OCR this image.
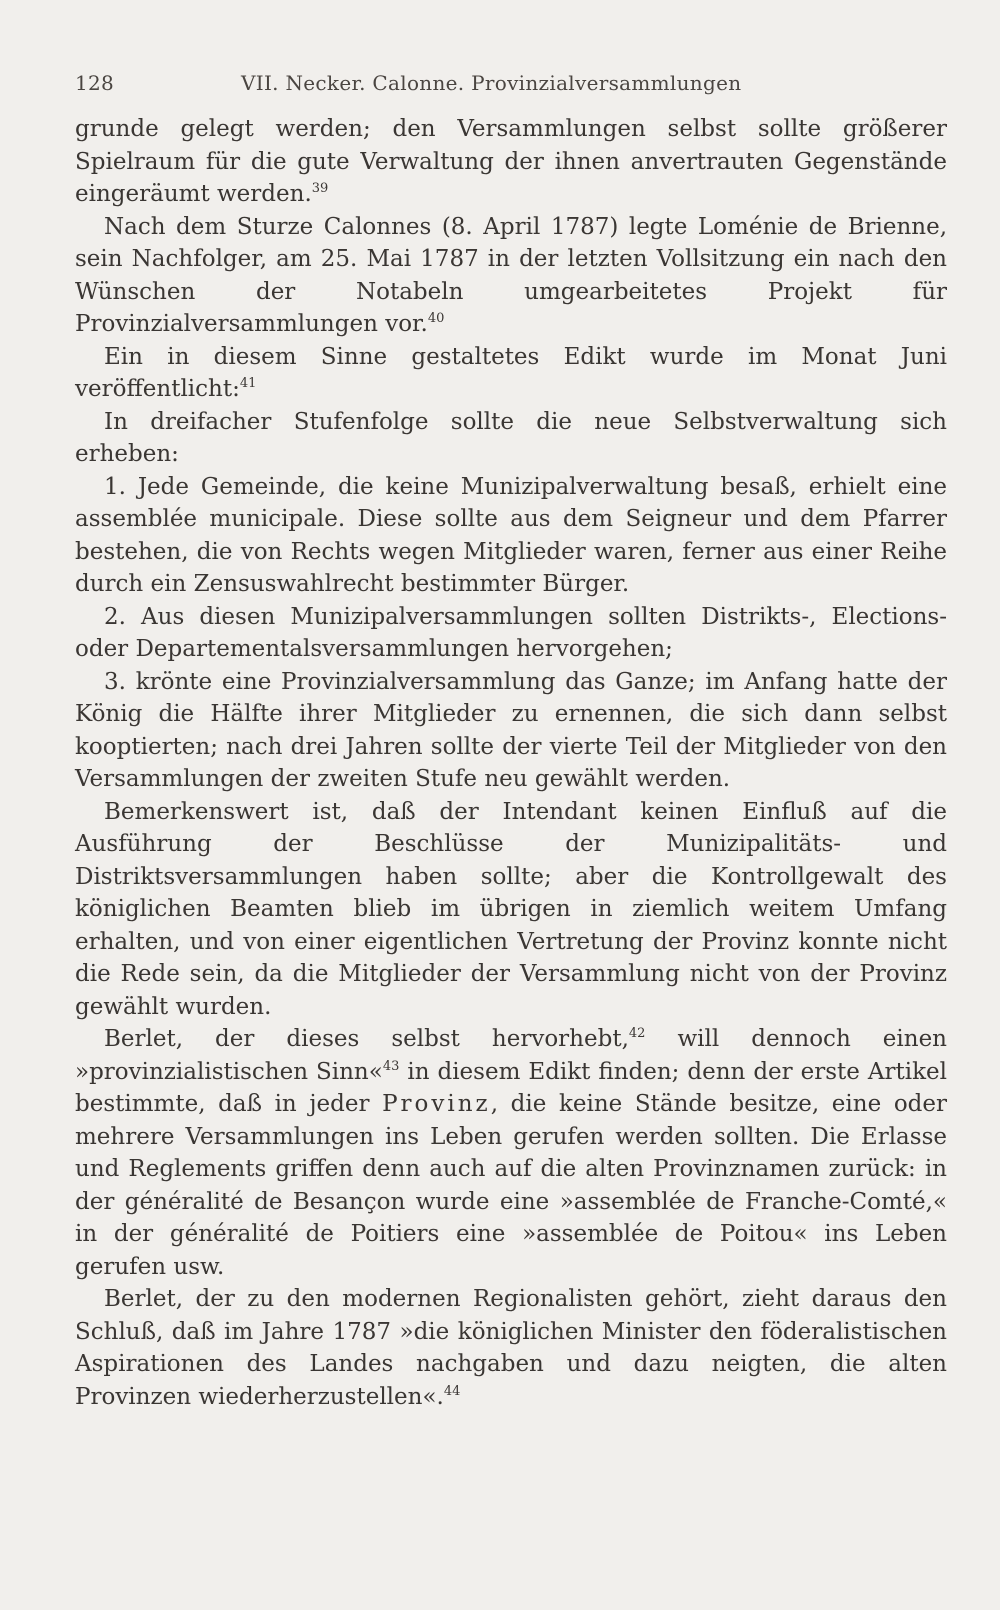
128	VII. Necker. Calonne. Provinzialversammlungen

grunde gelegt werden; den Versammlungen selbst sollte größerer Spielraum für die gute Verwaltung der ihnen anvertrauten Gegenstände eingeräumt werden.$^{39}$

Nach dem Sturze Calonnes (8. April 1787) legte Loménie de Brienne, sein Nachfolger, am 25. Mai 1787 in der letzten Vollsitzung ein nach den Wünschen der Notabeln umgearbeitetes Projekt für Provinzialversammlungen vor.$^{40}$

Ein in diesem Sinne gestaltetes Edikt wurde im Monat Juni veröffentlicht:$^{41}$

In dreifacher Stufenfolge sollte die neue Selbstverwaltung sich erheben:

1. Jede Gemeinde, die keine Munizipalverwaltung besaß, erhielt eine assemblée municipale. Diese sollte aus dem Seigneur und dem Pfarrer bestehen, die von Rechts wegen Mitglieder waren, ferner aus einer Reihe durch ein Zensuswahlrecht bestimmter Bürger.

2. Aus diesen Munizipalversammlungen sollten Distrikts-, Elections- oder Departementalsversammlungen hervorgehen;

3. krönte eine Provinzialversammlung das Ganze; im Anfang hatte der König die Hälfte ihrer Mitglieder zu ernennen, die sich dann selbst kooptierten; nach drei Jahren sollte der vierte Teil der Mitglieder von den Versammlungen der zweiten Stufe neu gewählt werden.

Bemerkenswert ist, daß der Intendant keinen Einfluß auf die Ausführung der Beschlüsse der Munizipalitäts- und Distriktsversammlungen haben sollte; aber die Kontrollgewalt des königlichen Beamten blieb im übrigen in ziemlich weitem Umfang erhalten, und von einer eigentlichen Vertretung der Provinz konnte nicht die Rede sein, da die Mitglieder der Versammlung nicht von der Provinz gewählt wurden.

Berlet, der dieses selbst hervorhebt,$^{42}$ will dennoch einen »provinzialistischen Sinn«$^{43}$ in diesem Edikt finden; denn der erste Artikel bestimmte, daß in jeder Provinz, die keine Stände besitze, eine oder mehrere Versammlungen ins Leben gerufen werden sollten. Die Erlasse und Reglements griffen denn auch auf die alten Provinznamen zurück: in der généralité de Besançon wurde eine »assemblée de Franche-Comté,« in der généralité de Poitiers eine »assemblée de Poitou« ins Leben gerufen usw.

Berlet, der zu den modernen Regionalisten gehört, zieht daraus den Schluß, daß im Jahre 1787 »die königlichen Minister den föderalistischen Aspirationen des Landes nachgaben und dazu neigten, die alten Provinzen wiederherzustellen«.$^{44}$
